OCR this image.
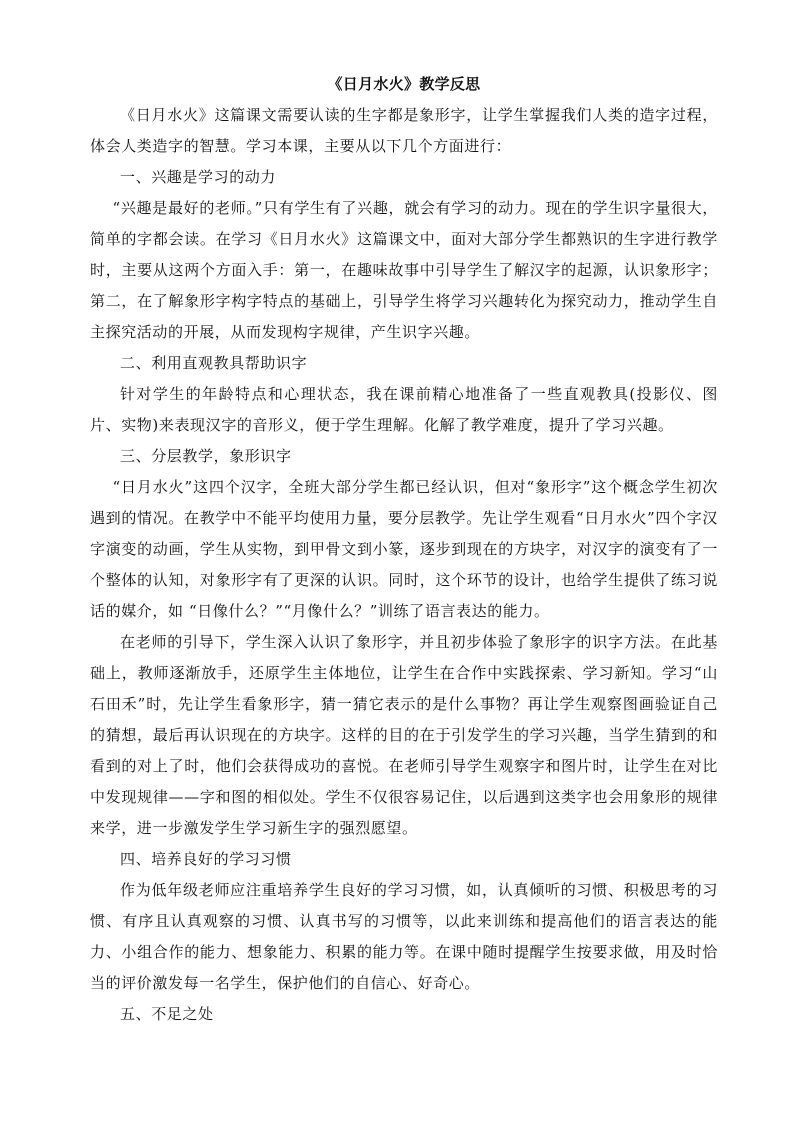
《日月水火》教学反思

《日月水火》这篇课文需要认读的生字都是象形字，让学生掌握我们人类的造字过程，体会人类造字的智慧。学习本课，主要从以下几个方面进行：

一、兴趣是学习的动力

“兴趣是最好的老师。”只有学生有了兴趣，就会有学习的动力。现在的学生识字量很大，简单的字都会读。在学习《日月水火》这篇课文中，面对大部分学生都熟识的生字进行教学时，主要从这两个方面入手：第一，在趣味故事中引导学生了解汉字的起源，认识象形字；第二，在了解象形字构字特点的基础上，引导学生将学习兴趣转化为探究动力，推动学生自主探究活动的开展，从而发现构字规律，产生识字兴趣。

二、利用直观教具帮助识字

针对学生的年龄特点和心理状态，我在课前精心地准备了一些直观教具(投影仪、图片、实物)来表现汉字的音形义，便于学生理解。化解了教学难度，提升了学习兴趣。

三、分层教学，象形识字

“日月水火”这四个汉字，全班大部分学生都已经认识，但对“象形字”这个概念学生初次遇到的情况。在教学中不能平均使用力量，要分层教学。先让学生观看“日月水火”四个字汉字演变的动画，学生从实物，到甲骨文到小篆，逐步到现在的方块字，对汉字的演变有了一个整体的认知，对象形字有了更深的认识。同时，这个环节的设计，也给学生提供了练习说话的媒介，如 “日像什么？”“月像什么？”训练了语言表达的能力。

在老师的引导下，学生深入认识了象形字，并且初步体验了象形字的识字方法。在此基础上，教师逐渐放手，还原学生主体地位，让学生在合作中实践探索、学习新知。学习“山石田禾”时，先让学生看象形字，猜一猜它表示的是什么事物？再让学生观察图画验证自己的猜想，最后再认识现在的方块字。这样的目的在于引发学生的学习兴趣，当学生猜到的和看到的对上了时，他们会获得成功的喜悦。在老师引导学生观察字和图片时，让学生在对比中发现规律——字和图的相似处。学生不仅很容易记住，以后遇到这类字也会用象形的规律来学，进一步激发学生学习新生字的强烈愿望。

四、培养良好的学习习惯

作为低年级老师应注重培养学生良好的学习习惯，如，认真倾听的习惯、积极思考的习惯、有序且认真观察的习惯、认真书写的习惯等，以此来训练和提高他们的语言表达的能力、小组合作的能力、想象能力、积累的能力等。在课中随时提醒学生按要求做，用及时恰当的评价激发每一名学生，保护他们的自信心、好奇心。

五、不足之处
